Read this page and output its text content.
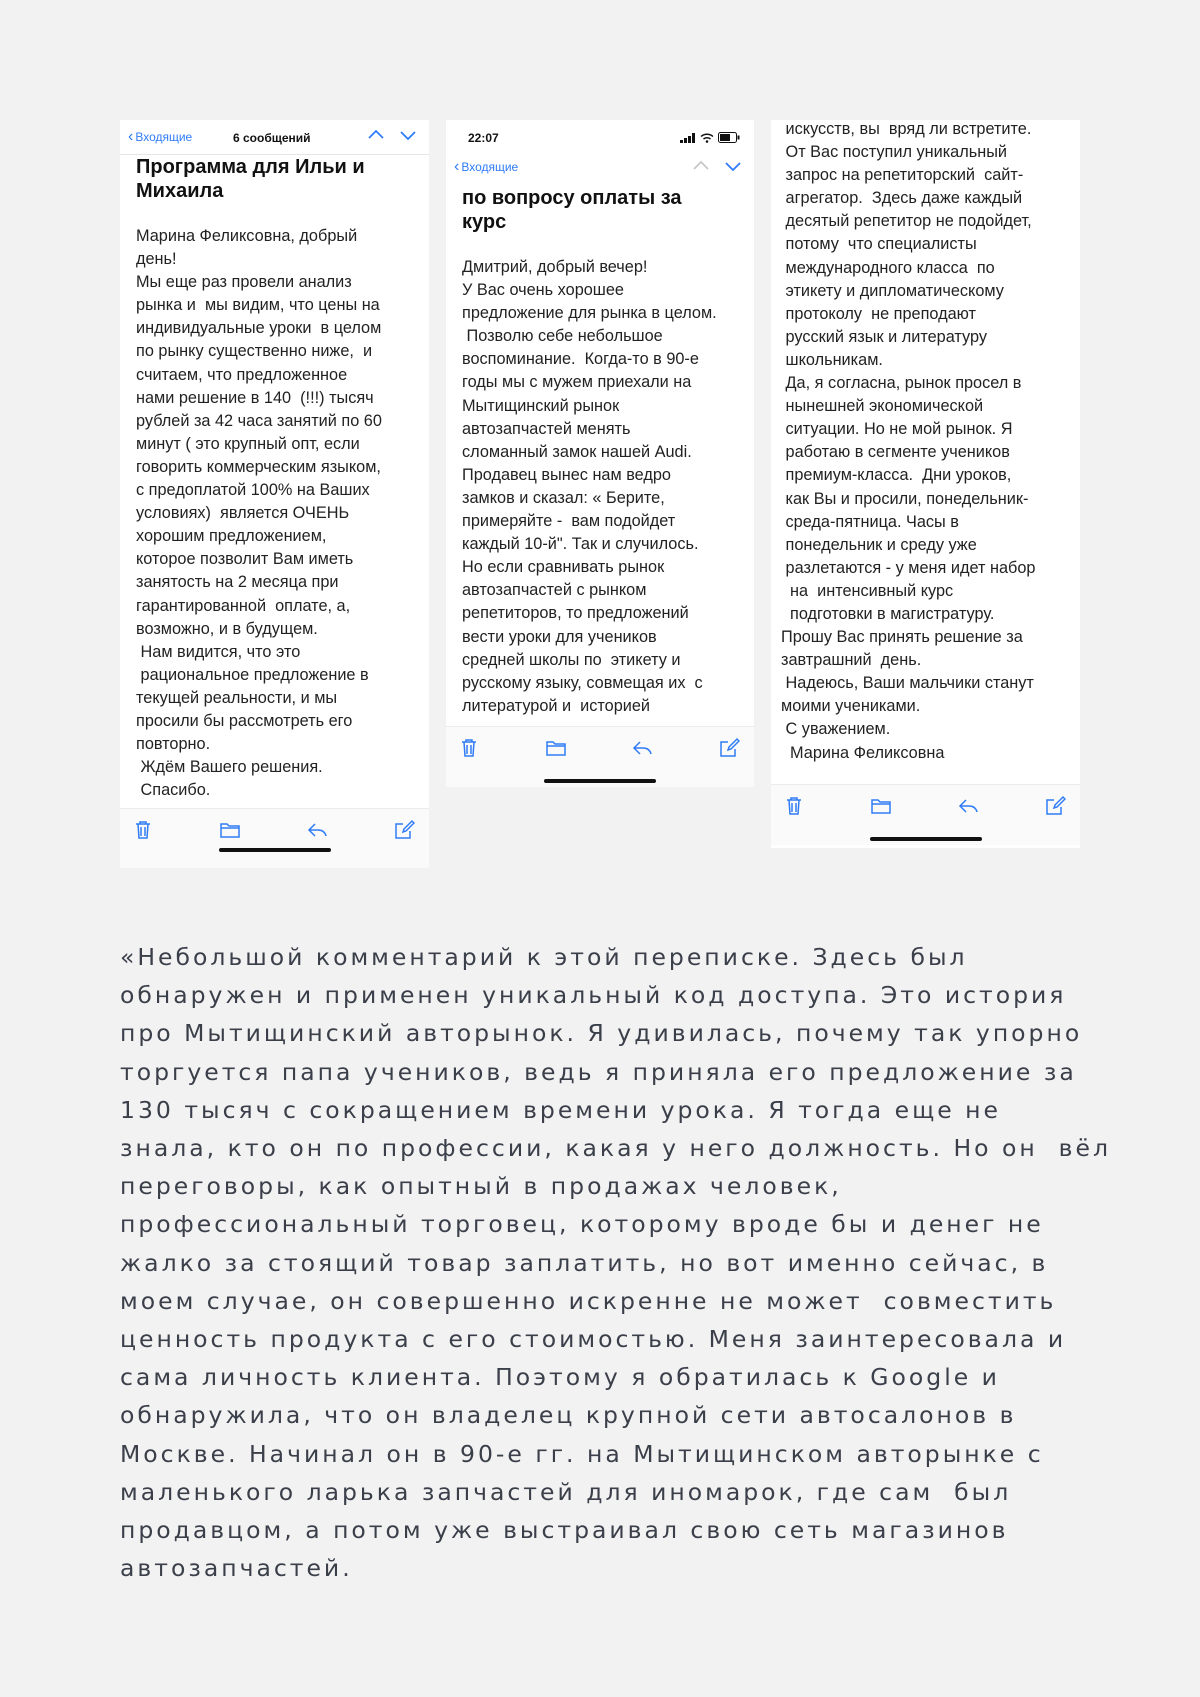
‹ Входящие	6 сообщений
Программа для Ильи и
Михаила
Марина Феликсовна, добрый
день!
Мы еще раз провели анализ
рынка и  мы видим, что цены на
индивидуальные уроки  в целом
по рынку существенно ниже,  и
считаем, что предложенное
нами решение в 140  (!!!) тысяч
рублей за 42 часа занятий по 60
минут ( это крупный опт, если
говорить коммерческим языком,
с предоплатой 100% на Ваших
условиях)  является ОЧЕНЬ
хорошим предложением,
которое позволит Вам иметь
занятость на 2 месяца при
гарантированной  оплате, а,
возможно, и в будущем.
Нам видится, что это
рациональное предложение в
текущей реальности, и мы
просили бы рассмотреть его
повторно.
Ждём Вашего решения.
Спасибо.
22:07
‹ Входящие
по вопросу оплаты за
курс
Дмитрий, добрый вечер!
У Вас очень хорошее
предложение для рынка в целом.
Позволю себе небольшое
воспоминание.  Когда-то в 90-е
годы мы с мужем приехали на
Мытищинский рынок
автозапчастей менять
сломанный замок нашей Audi.
Продавец вынес нам ведро
замков и сказал: « Берите,
примеряйте -  вам подойдет
каждый 10-й". Так и случилось.
Но если сравнивать рынок
автозапчастей с рынком
репетиторов, то предложений
вести уроки для учеников
средней школы по  этикету и
русскому языку, совмещая их  с
литературой и  историей
искусств, вы  вряд ли встретите.
От Вас поступил уникальный
запрос на репетиторский  сайт-
агрегатор.  Здесь даже каждый
десятый репетитор не подойдет,
потому  что специалисты
международного класса  по
этикету и дипломатическому
протоколу  не преподают
русский язык и литературу
школьникам.
Да, я согласна, рынок просел в
нынешней экономической
ситуации. Но не мой рынок. Я
работаю в сегменте учеников
премиум-класса.  Дни уроков,
как Вы и просили, понедельник-
среда-пятница. Часы в
понедельник и среду уже
разлетаются - у меня идет набор
на  интенсивный курс
подготовки в магистратуру.
Прошу Вас принять решение за
завтрашний  день.
Надеюсь, Ваши мальчики станут
моими учениками.
С уважением.
Марина Феликсовна
«Небольшой комментарий к этой переписке. Здесь был
обнаружен и применен уникальный код доступа. Это история
про Мытищинский авторынок. Я удивилась, почему так упорно
торгуется папа учеников, ведь я приняла его предложение за
130 тысяч с сокращением времени урока. Я тогда еще не
знала, кто он по профессии, какая у него должность. Но он  вёл
переговоры, как опытный в продажах человек,
профессиональный торговец, которому вроде бы и денег не
жалко за стоящий товар заплатить, но вот именно сейчас, в
моем случае, он совершенно искренне не может  совместить
ценность продукта с его стоимостью. Меня заинтересовала и
сама личность клиента. Поэтому я обратилась к Google и
обнаружила, что он владелец крупной сети автосалонов в
Москве. Начинал он в 90-е гг. на Мытищинском авторынке с
маленького ларька запчастей для иномарок, где сам  был
продавцом, а потом уже выстраивал свою сеть магазинов
автозапчастей.
